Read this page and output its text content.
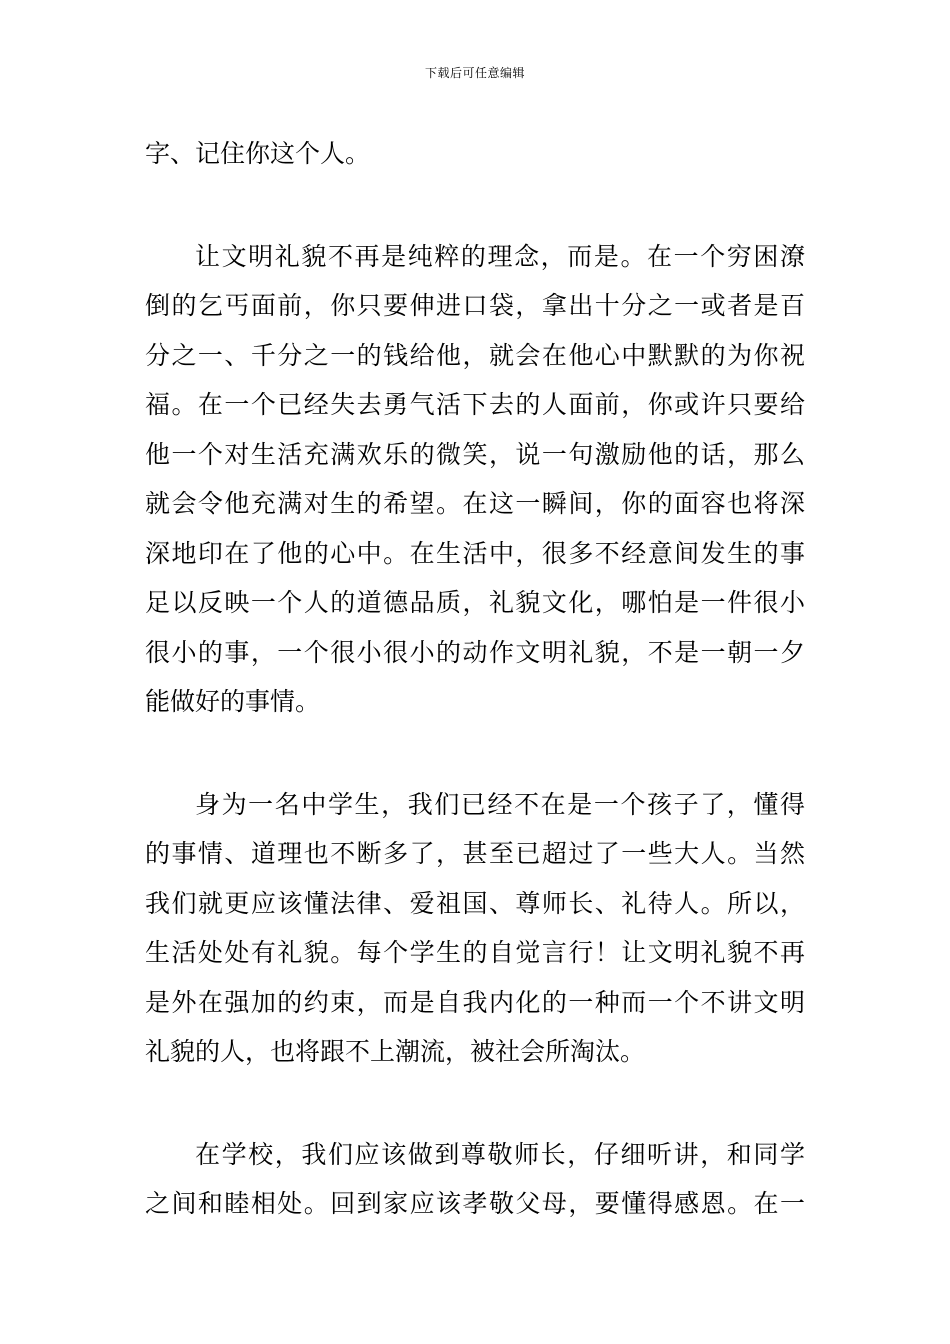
下载后可任意编辑
字、记住你这个人。
让文明礼貌不再是纯粹的理念，而是。在一个穷困潦
倒的乞丐面前，你只要伸进口袋，拿出十分之一或者是百
分之一、千分之一的钱给他，就会在他心中默默的为你祝
福。在一个已经失去勇气活下去的人面前，你或许只要给
他一个对生活充满欢乐的微笑，说一句激励他的话，那么
就会令他充满对生的希望。在这一瞬间，你的面容也将深
深地印在了他的心中。在生活中，很多不经意间发生的事
足以反映一个人的道德品质，礼貌文化，哪怕是一件很小
很小的事，一个很小很小的动作文明礼貌，不是一朝一夕
能做好的事情。
身为一名中学生，我们已经不在是一个孩子了，懂得
的事情、道理也不断多了，甚至已超过了一些大人。当然
我们就更应该懂法律、爱祖国、尊师长、礼待人。所以，
生活处处有礼貌。每个学生的自觉言行！让文明礼貌不再
是外在强加的约束，而是自我内化的一种而一个不讲文明
礼貌的人，也将跟不上潮流，被社会所淘汰。
在学校，我们应该做到尊敬师长，仔细听讲，和同学
之间和睦相处。回到家应该孝敬父母，要懂得感恩。在一
